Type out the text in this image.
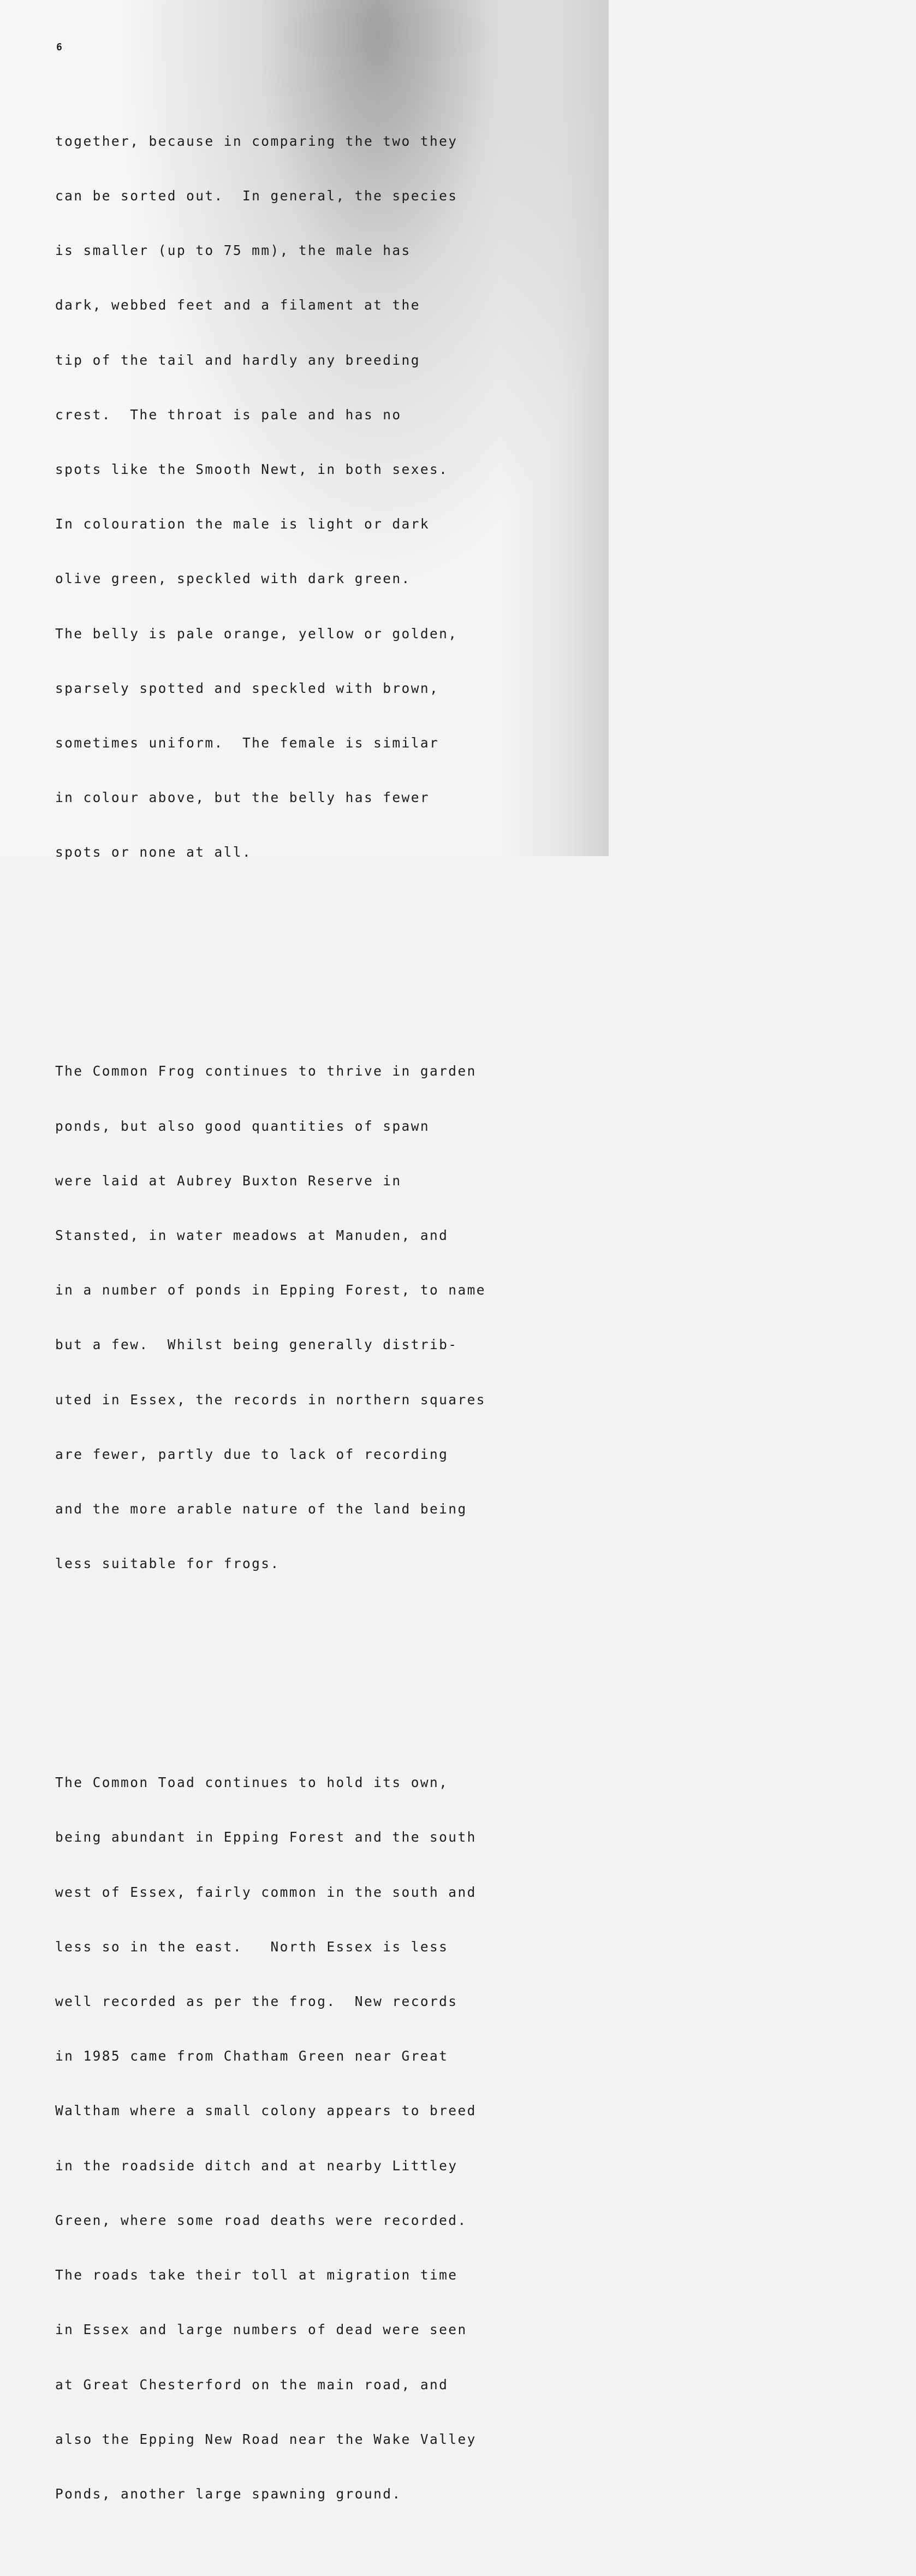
6

together, because in comparing the two they

can be sorted out.  In general, the species

is smaller (up to 75 mm), the male has

dark, webbed feet and a filament at the

tip of the tail and hardly any breeding

crest.  The throat is pale and has no

spots like the Smooth Newt, in both sexes.

In colouration the male is light or dark

olive green, speckled with dark green.

The belly is pale orange, yellow or golden,

sparsely spotted and speckled with brown,

sometimes uniform.  The female is similar

in colour above, but the belly has fewer

spots or none at all.

The Common Frog continues to thrive in garden

ponds, but also good quantities of spawn

were laid at Aubrey Buxton Reserve in

Stansted, in water meadows at Manuden, and

in a number of ponds in Epping Forest, to name

but a few.  Whilst being generally distrib-

uted in Essex, the records in northern squares

are fewer, partly due to lack of recording

and the more arable nature of the land being

less suitable for frogs.

The Common Toad continues to hold its own,

being abundant in Epping Forest and the south

west of Essex, fairly common in the south and

less so in the east.   North Essex is less

well recorded as per the frog.  New records

in 1985 came from Chatham Green near Great

Waltham where a small colony appears to breed

in the roadside ditch and at nearby Littley

Green, where some road deaths were recorded.

The roads take their toll at migration time

in Essex and large numbers of dead were seen

at Great Chesterford on the main road, and

also the Epping New Road near the Wake Valley

Ponds, another large spawning ground.
